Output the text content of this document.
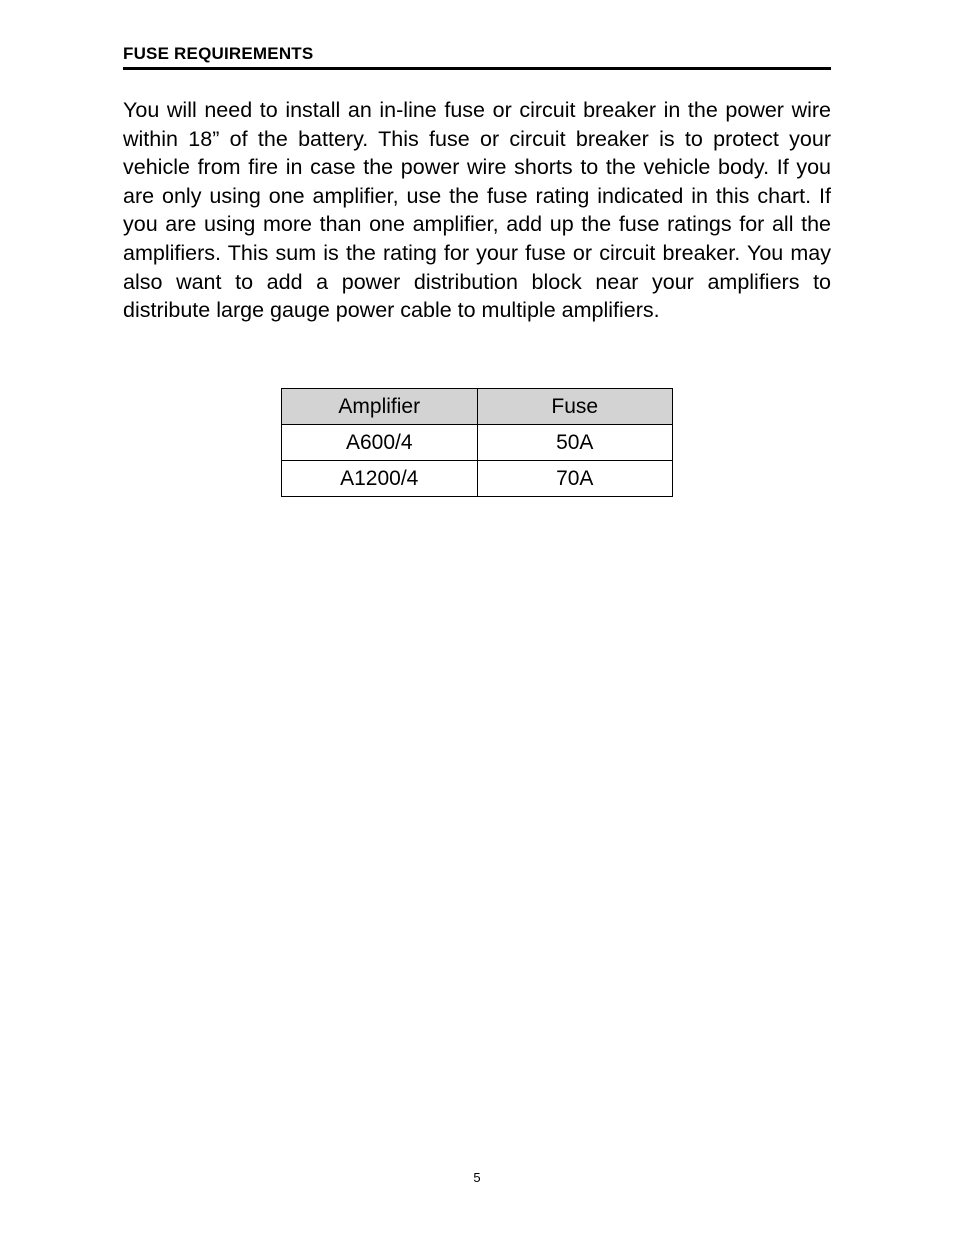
FUSE REQUIREMENTS

You will need to install an in-line fuse or circuit breaker in the power wire within 18” of the battery. This fuse or circuit breaker is to protect your vehicle from fire in case the power wire shorts to the vehicle body. If you are only using one amplifier, use the fuse rating indicated in this chart. If you are using more than one amplifier, add up the fuse ratings for all the amplifiers. This sum is the rating for your fuse or circuit breaker. You may also want to add a power distribution block near your amplifiers to distribute large gauge power cable to multiple amplifiers.

Amplifier	Fuse
A600/4	50A
A1200/4	70A
5
